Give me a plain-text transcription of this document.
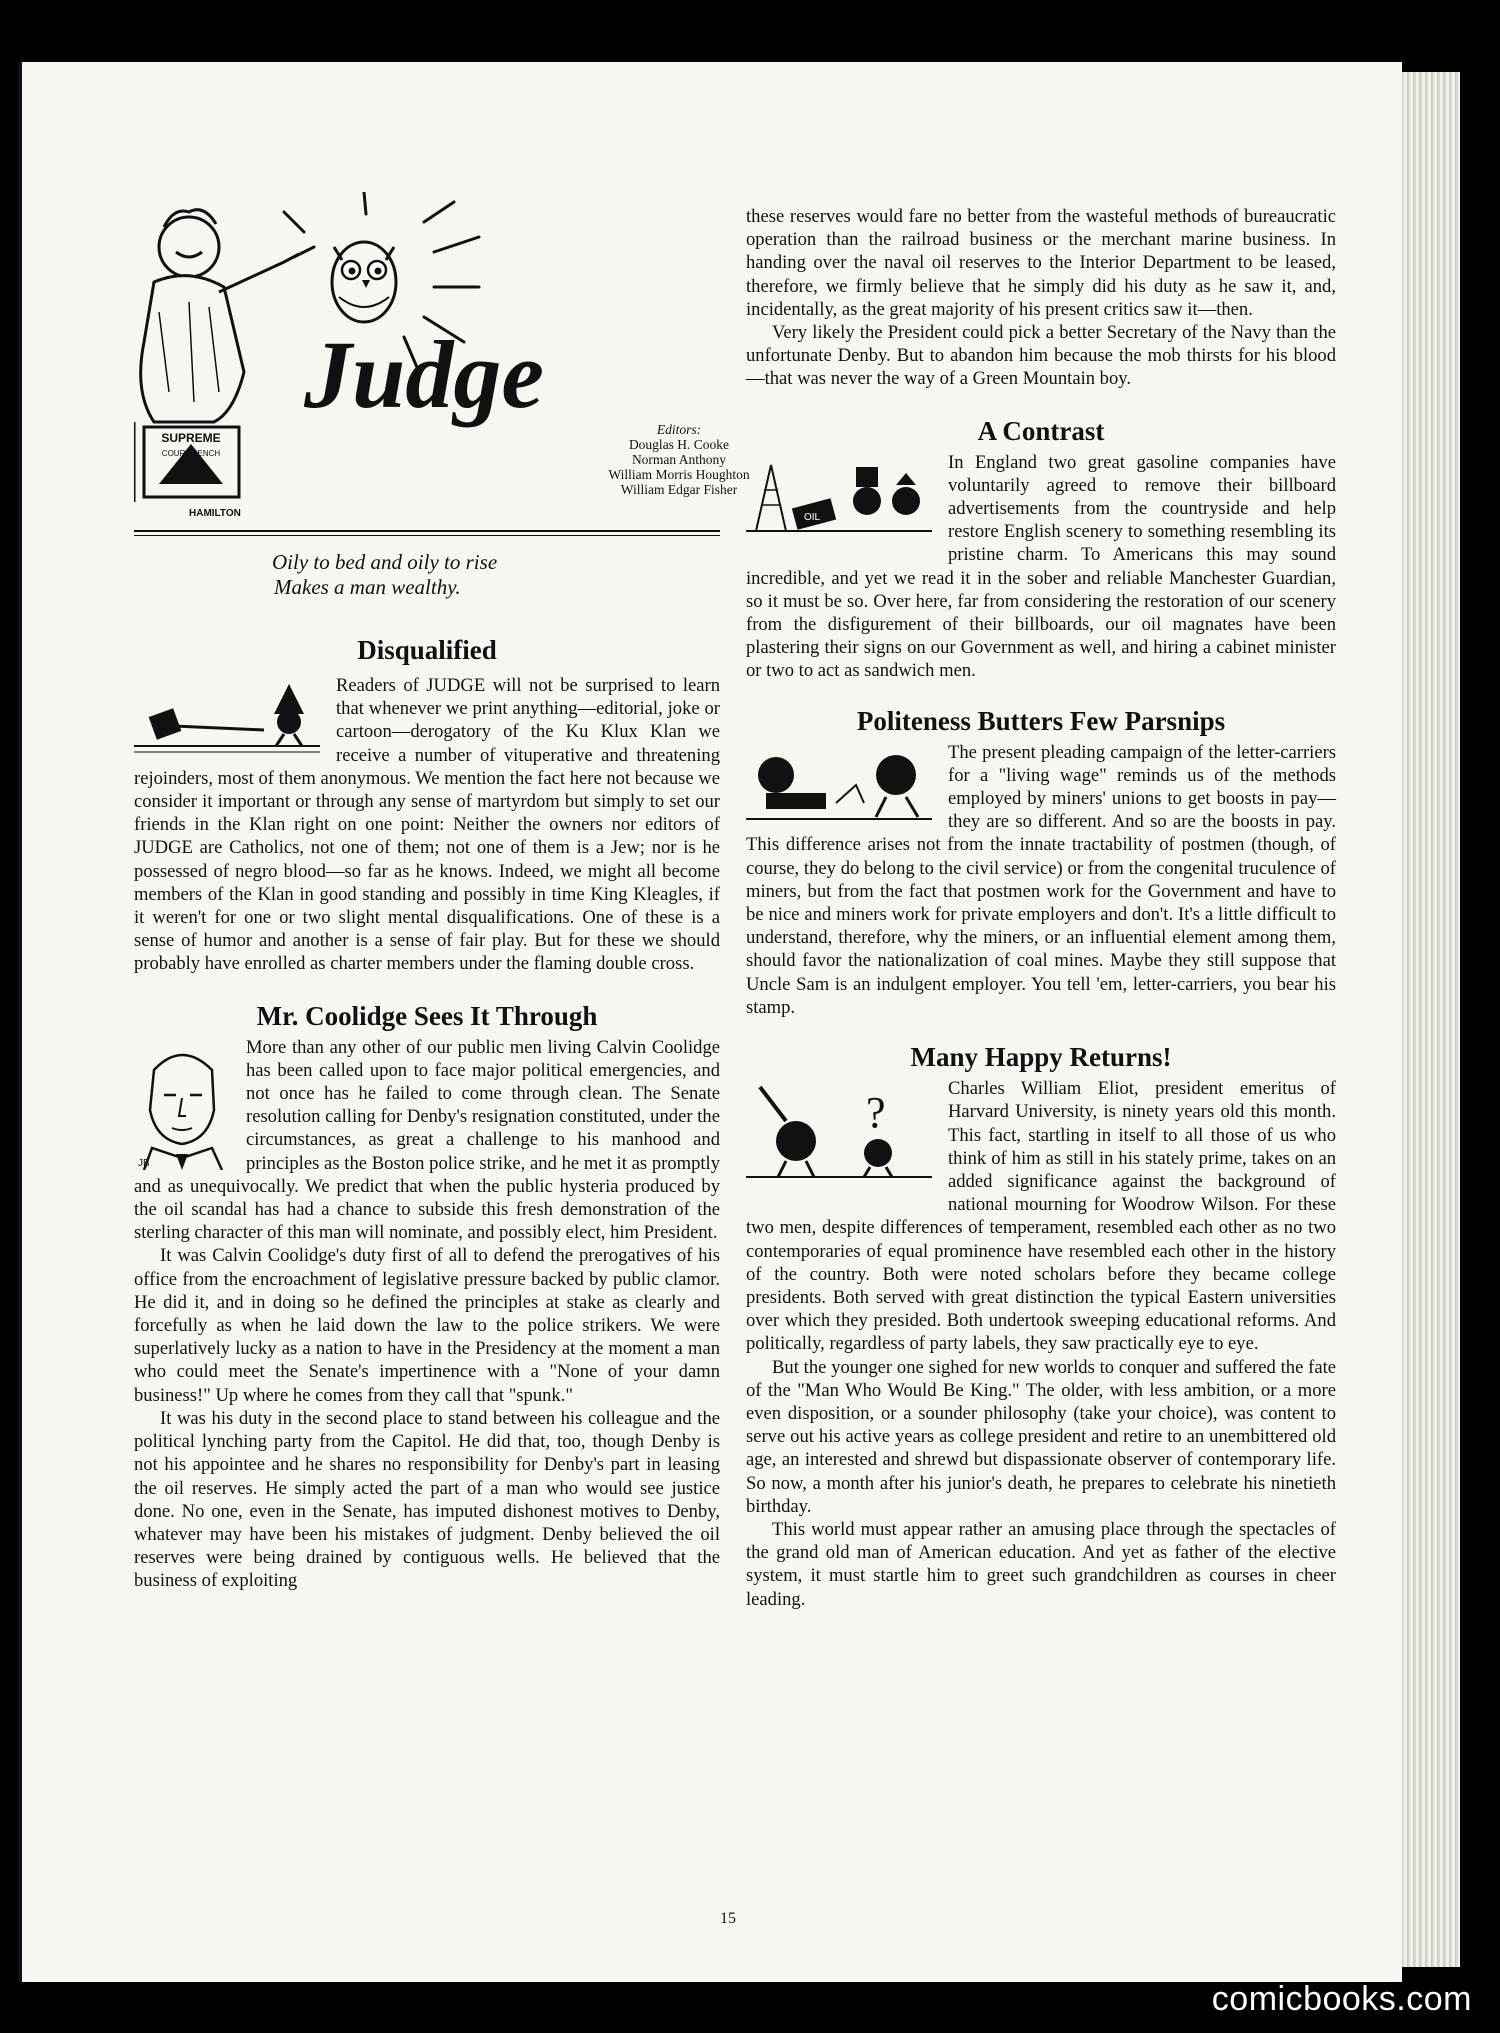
Judge
SUPREME
COURT BENCH
HAMILTON
Editors:
Douglas H. Cooke
Norman Anthony
William Morris Houghton
William Edgar Fisher
Oily to bed and oily to rise
Makes a man wealthy.
Disqualified

Readers of JUDGE will not be surprised to learn that whenever we print anything—editorial, joke or cartoon—derogatory of the Ku Klux Klan we receive a number of vituperative and threatening rejoinders, most of them anonymous. We mention the fact here not because we consider it important or through any sense of martyrdom but simply to set our friends in the Klan right on one point: Neither the owners nor editors of JUDGE are Catholics, not one of them; not one of them is a Jew; nor is he possessed of negro blood—so far as he knows. Indeed, we might all become members of the Klan in good standing and possibly in time King Kleagles, if it weren't for one or two slight mental disqualifications. One of these is a sense of humor and another is a sense of fair play. But for these we should probably have enrolled as charter members under the flaming double cross.

Mr. Coolidge Sees It Through
JB

More than any other of our public men living Calvin Coolidge has been called upon to face major political emergencies, and not once has he failed to come through clean. The Senate resolution calling for Denby's resignation constituted, under the circumstances, as great a challenge to his manhood and principles as the Boston police strike, and he met it as promptly and as unequivocally. We predict that when the public hysteria produced by the oil scandal has had a chance to subside this fresh demonstration of the sterling character of this man will nominate, and possibly elect, him President.

It was Calvin Coolidge's duty first of all to defend the prerogatives of his office from the encroachment of legislative pressure backed by public clamor. He did it, and in doing so he defined the principles at stake as clearly and forcefully as when he laid down the law to the police strikers. We were superlatively lucky as a nation to have in the Presidency at the moment a man who could meet the Senate's impertinence with a "None of your damn business!" Up where he comes from they call that "spunk."

It was his duty in the second place to stand between his colleague and the political lynching party from the Capitol. He did that, too, though Denby is not his appointee and he shares no responsibility for Denby's part in leasing the oil reserves. He simply acted the part of a man who would see justice done. No one, even in the Senate, has imputed dishonest motives to Denby, whatever may have been his mistakes of judgment. Denby believed the oil reserves were being drained by contiguous wells. He believed that the business of exploiting

these reserves would fare no better from the wasteful methods of bureaucratic operation than the railroad business or the merchant marine business. In handing over the naval oil reserves to the Interior Department to be leased, therefore, we firmly believe that he simply did his duty as he saw it, and, incidentally, as the great majority of his present critics saw it—then.

Very likely the President could pick a better Secretary of the Navy than the unfortunate Denby. But to abandon him because the mob thirsts for his blood—that was never the way of a Green Mountain boy.

A Contrast
OIL

In England two great gasoline companies have voluntarily agreed to remove their billboard advertisements from the countryside and help restore English scenery to something resembling its pristine charm. To Americans this may sound incredible, and yet we read it in the sober and reliable Manchester Guardian, so it must be so. Over here, far from considering the restoration of our scenery from the disfigurement of their billboards, our oil magnates have been plastering their signs on our Government as well, and hiring a cabinet minister or two to act as sandwich men.

Politeness Butters Few Parsnips

The present pleading campaign of the letter-carriers for a "living wage" reminds us of the methods employed by miners' unions to get boosts in pay—they are so different. And so are the boosts in pay. This difference arises not from the innate tractability of postmen (though, of course, they do belong to the civil service) or from the congenital truculence of miners, but from the fact that postmen work for the Government and have to be nice and miners work for private employers and don't. It's a little difficult to understand, therefore, why the miners, or an influential element among them, should favor the nationalization of coal mines. Maybe they still suppose that Uncle Sam is an indulgent employer. You tell 'em, letter-carriers, you bear his stamp.

Many Happy Returns!
?	Charles William Eliot, president emeritus of Harvard University, is ninety years old this month. This fact, startling in itself to all those of us who think of him as still in his stately prime, takes on an added significance against the background of national mourning for Woodrow Wilson. For these two men, despite differences of temperament, resembled each other as no two contemporaries of equal prominence have resembled each other in the history of the country. Both were noted scholars before they became college presidents. Both served with great distinction the typical Eastern universities over which they presided. Both undertook sweeping educational reforms. And politically, regardless of party labels, they saw practically eye to eye.

But the younger one sighed for new worlds to conquer and suffered the fate of the "Man Who Would Be King." The older, with less ambition, or a more even disposition, or a sounder philosophy (take your choice), was content to serve out his active years as college president and retire to an unembittered old age, an interested and shrewd but dispassionate observer of contemporary life. So now, a month after his junior's death, he prepares to celebrate his ninetieth birthday.

This world must appear rather an amusing place through the spectacles of the grand old man of American education. And yet as father of the elective system, it must startle him to greet such grandchildren as courses in cheer leading.

15
comicbooks.com
